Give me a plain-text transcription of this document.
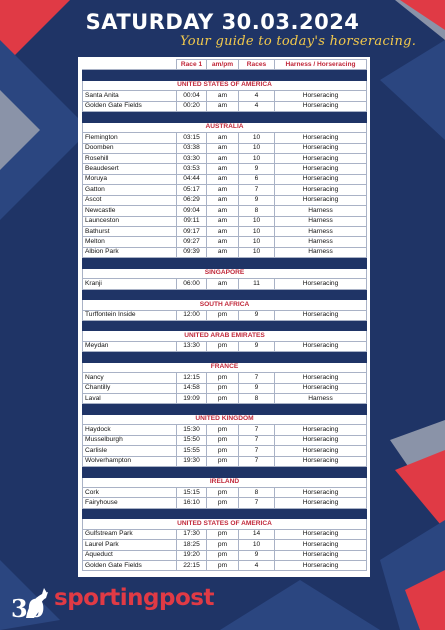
SATURDAY 30.03.2024
Your guide to today's horseracing.
	Race 1	am/pm	Races	Harness / Horseracing

UNITED STATES OF AMERICA				
Santa Anita	00:04	am	4	Horseracing
Golden Gate Fields	00:20	am	4	Horseracing

AUSTRALIA				
Flemington	03:15	am	10	Horseracing
Doomben	03:38	am	10	Horseracing
Rosehill	03:30	am	10	Horseracing
Beaudesert	03:53	am	9	Horseracing
Moruya	04:44	am	6	Horseracing
Gatton	05:17	am	7	Horseracing
Ascot	06:29	am	9	Horseracing
Newcastle	09:04	am	8	Harness
Launceston	09:11	am	10	Harness
Bathurst	09:17	am	10	Harness
Melton	09:27	am	10	Harness
Albion Park	09:39	am	10	Harness

SINGAPORE				
Kranji	06:00	am	11	Horseracing

SOUTH AFRICA				
Turffontein Inside	12:00	pm	9	Horseracing

UNITED ARAB EMIRATES				
Meydan	13:30	pm	9	Horseracing

FRANCE				
Nancy	12:15	pm	7	Horseracing
Chantilly	14:58	pm	9	Horseracing
Laval	19:09	pm	8	Harness

UNITED KINGDOM				
Haydock	15:30	pm	7	Horseracing
Musselburgh	15:50	pm	7	Horseracing
Carlisle	15:55	pm	7	Horseracing
Wolverhampton	19:30	pm	7	Horseracing

IRELAND				
Cork	15:15	pm	8	Horseracing
Fairyhouse	16:10	pm	7	Horseracing

UNITED STATES OF AMERICA				
Gulfstream Park	17:30	pm	14	Horseracing
Laurel Park	18:25	pm	10	Horseracing
Aqueduct	19:20	pm	9	Horseracing
Golden Gate Fields	22:15	pm	4	Horseracing
30 sportingpost
